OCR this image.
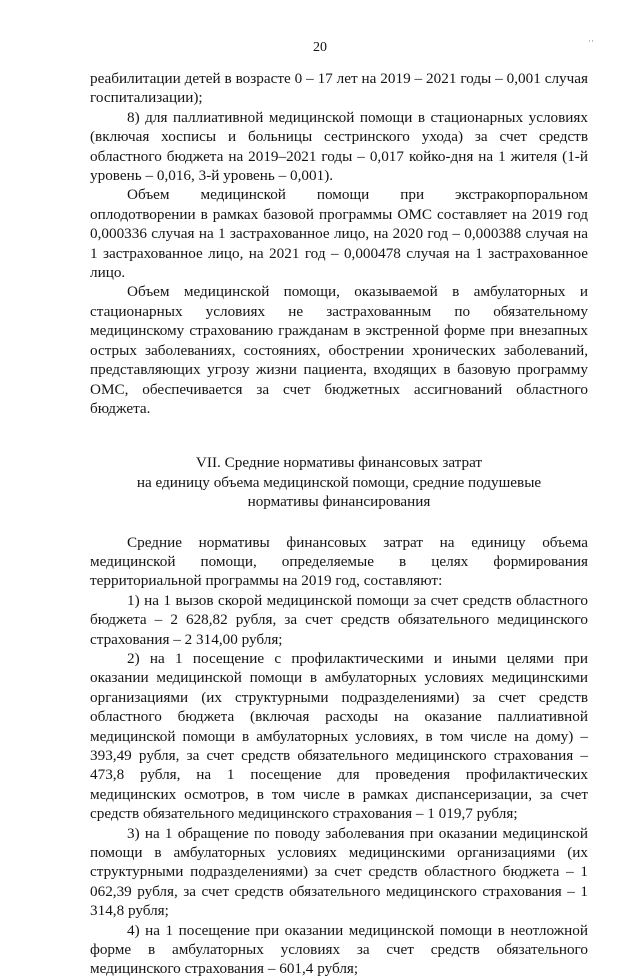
20	··

реабилитации детей в возрасте 0 – 17 лет на 2019 – 2021 годы – 0,001 случая госпитализации);

8) для паллиативной медицинской помощи в стационарных условиях (включая хосписы и больницы сестринского ухода) за счет средств областного бюджета на 2019–2021 годы – 0,017 койко-дня на 1 жителя (1-й уровень – 0,016, 3-й уровень – 0,001).

Объем медицинской помощи при экстракорпоральном оплодотворении в рамках базовой программы ОМС составляет на 2019 год 0,000336 случая на 1 застрахованное лицо, на 2020 год – 0,000388 случая на 1 застрахованное лицо, на 2021 год – 0,000478 случая на 1 застрахованное лицо.

Объем медицинской помощи, оказываемой в амбулаторных и стационарных условиях не застрахованным по обязательному медицинскому страхованию гражданам в экстренной форме при внезапных острых заболеваниях, состояниях, обострении хронических заболеваний, представляющих угрозу жизни пациента, входящих в базовую программу ОМС, обеспечивается за счет бюджетных ассигнований областного бюджета.

VII. Средние нормативы финансовых затрат
на единицу объема медицинской помощи, средние подушевые
нормативы финансирования

Средние нормативы финансовых затрат на единицу объема медицинской помощи, определяемые в целях формирования территориальной программы на 2019 год, составляют:

1) на 1 вызов скорой медицинской помощи за счет средств областного бюджета – 2 628,82 рубля, за счет средств обязательного медицинского страхования – 2 314,00 рубля;

2) на 1 посещение с профилактическими и иными целями при оказании медицинской помощи в амбулаторных условиях медицинскими организациями (их структурными подразделениями) за счет средств областного бюджета (включая расходы на оказание паллиативной медицинской помощи в амбулаторных условиях, в том числе на дому) – 393,49 рубля, за счет средств обязательного медицинского страхования – 473,8 рубля, на 1 посещение для проведения профилактических медицинских осмотров, в том числе в рамках диспансеризации, за счет средств обязательного медицинского страхования – 1 019,7 рубля;

3) на 1 обращение по поводу заболевания при оказании медицинской помощи в амбулаторных условиях медицинскими организациями (их структурными подразделениями) за счет средств областного бюджета – 1 062,39 рубля, за счет средств обязательного медицинского страхования – 1 314,8 рубля;

4) на 1 посещение при оказании медицинской помощи в неотложной форме в амбулаторных условиях за счет средств обязательного медицинского страхования – 601,4 рубля;
